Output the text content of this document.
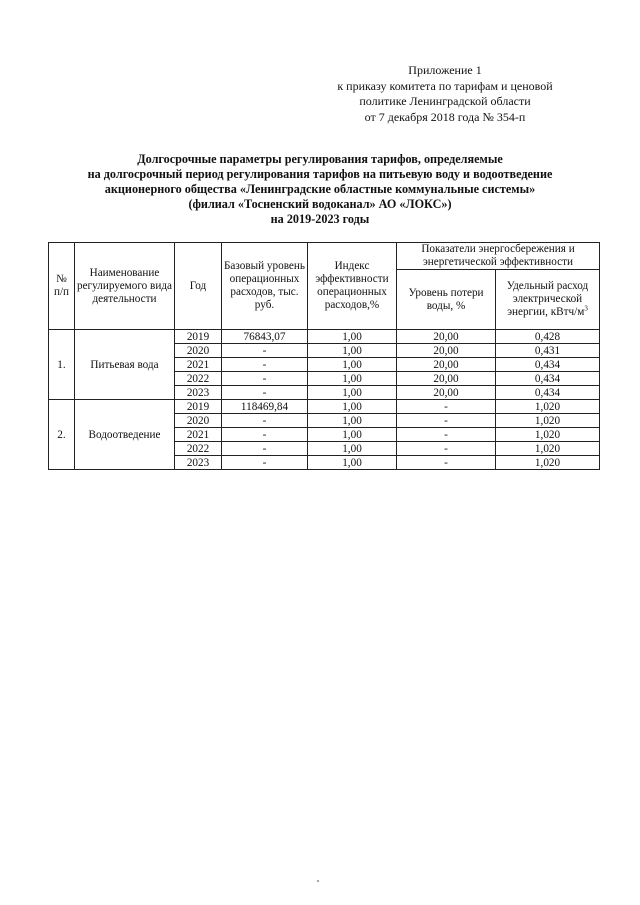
Приложение 1
к приказу комитета по тарифам и ценовой
политике Ленинградской области
от 7 декабря 2018 года № 354-п
Долгосрочные параметры регулирования тарифов, определяемые
на долгосрочный период регулирования тарифов на питьевую воду и водоотведение
акционерного общества «Ленинградские областные коммунальные системы»
(филиал «Тосненский водоканал» АО «ЛОКС»)
на 2019-2023 годы
№ п/п	Наименование регулируемого вида деятельности	Год	Базовый уровень операционных расходов, тыс. руб.	Индекс эффективности операционных расходов,%	Показатели энергосбережения и энергетической эффективности	
					Уровень потери воды, %	Удельный расход электрической энергии, кВтч/$м^3$
1.	Питьевая вода	2019	76843,07	1,00	20,00	0,428
		2020	-	1,00	20,00	0,431
		2021	-	1,00	20,00	0,434
		2022	-	1,00	20,00	0,434
		2023	-	1,00	20,00	0,434
2.	Водоотведение	2019	118469,84	1,00	-	1,020
		2020	-	1,00	-	1,020
		2021	-	1,00	-	1,020
		2022	-	1,00	-	1,020
		2023	-	1,00	-	1,020
